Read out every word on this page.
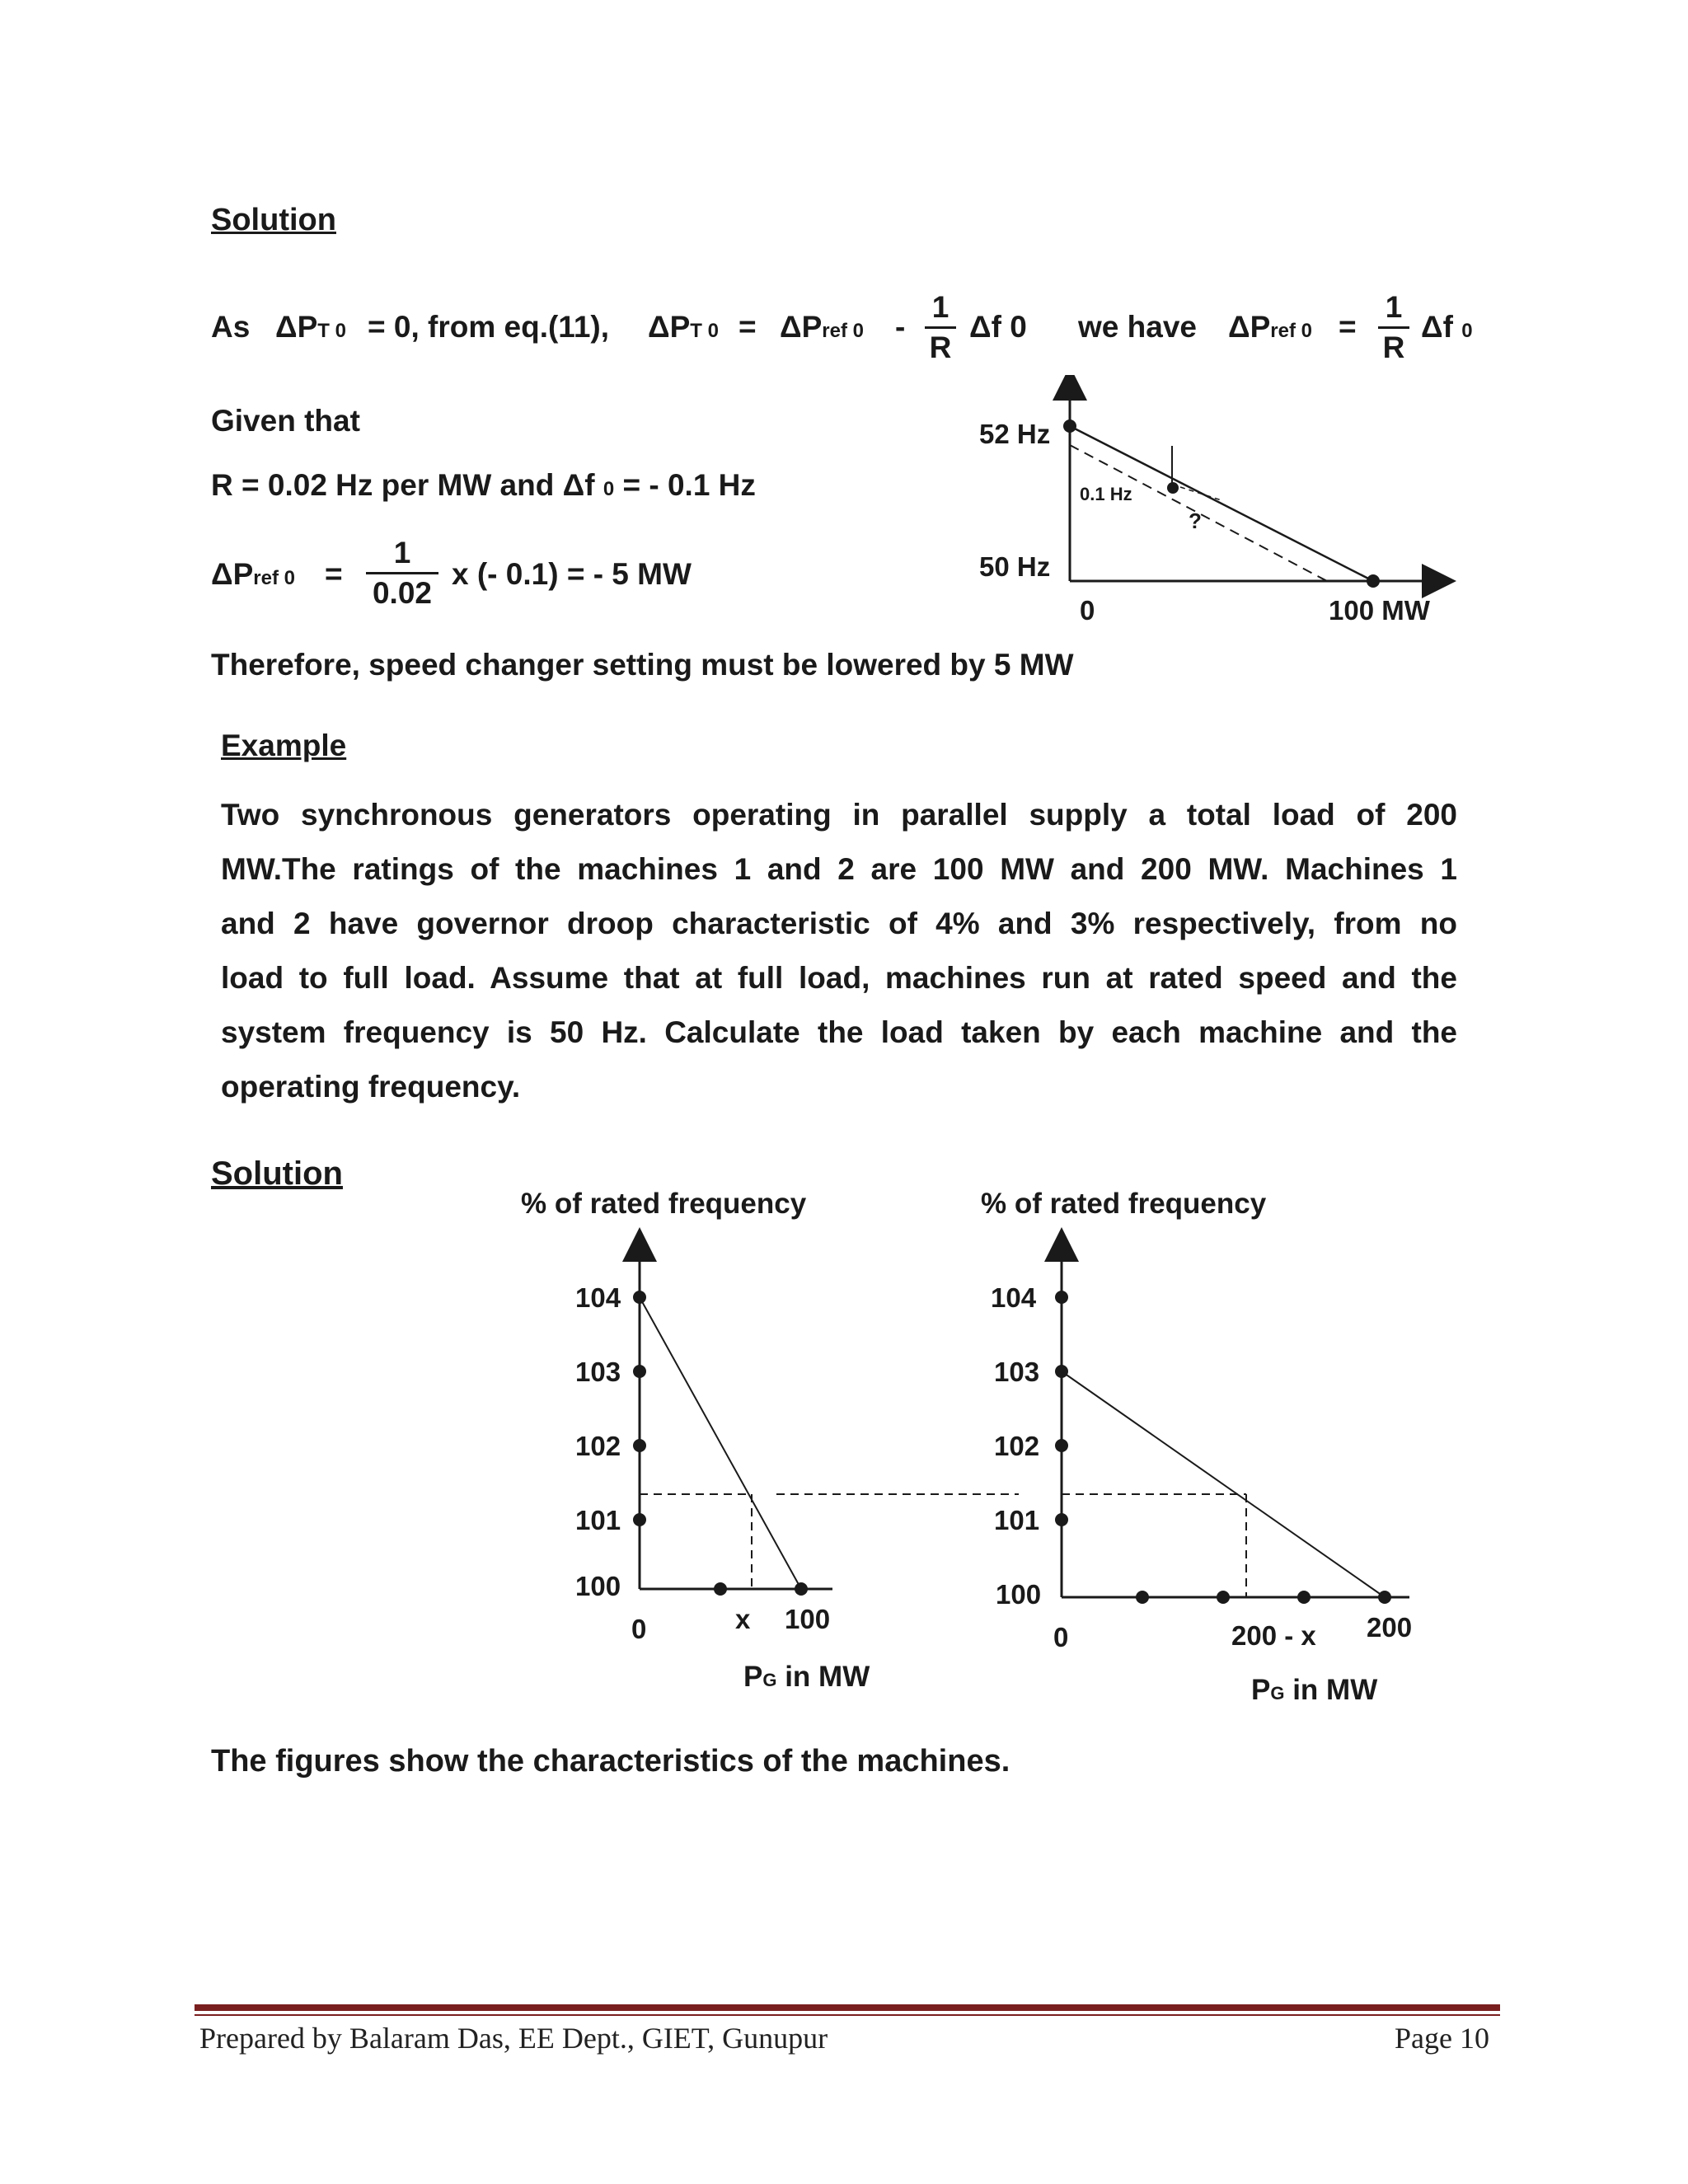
Solution
As ΔPT 0 = 0, from eq.(11), ΔPT 0 = ΔPref 0 -
1
R
Δf 0 we have ΔPref 0 =
1
R
Δf 0
Given that
R = 0.02 Hz per MW and Δf 0 = - 0.1 Hz
ΔPref 0 =
1
0.02
x (- 0.1) = - 5 MW
Therefore, speed changer setting must be lowered by 5 MW
52 Hz
50 Hz
0.1 Hz
?
0	100 MW
Example
Two synchronous generators operating in parallel supply a total load of 200
MW.The ratings of the machines 1 and 2 are 100 MW and 200 MW. Machines 1
and 2 have governor droop characteristic of 4% and 3% respectively, from no
load to full load. Assume that at full load, machines run at rated speed and the
system frequency is 50 Hz. Calculate the load taken by each machine and the
operating frequency.
Solution
% of rated frequency
104
103
102
101
100
0	x 100
PG in MW
% of rated frequency
104
103
102
101
100
0	200 - x 200
PG in MW
The figures show the characteristics of the machines.
Prepared by Balaram Das, EE Dept., GIET, Gunupur	Page 10
